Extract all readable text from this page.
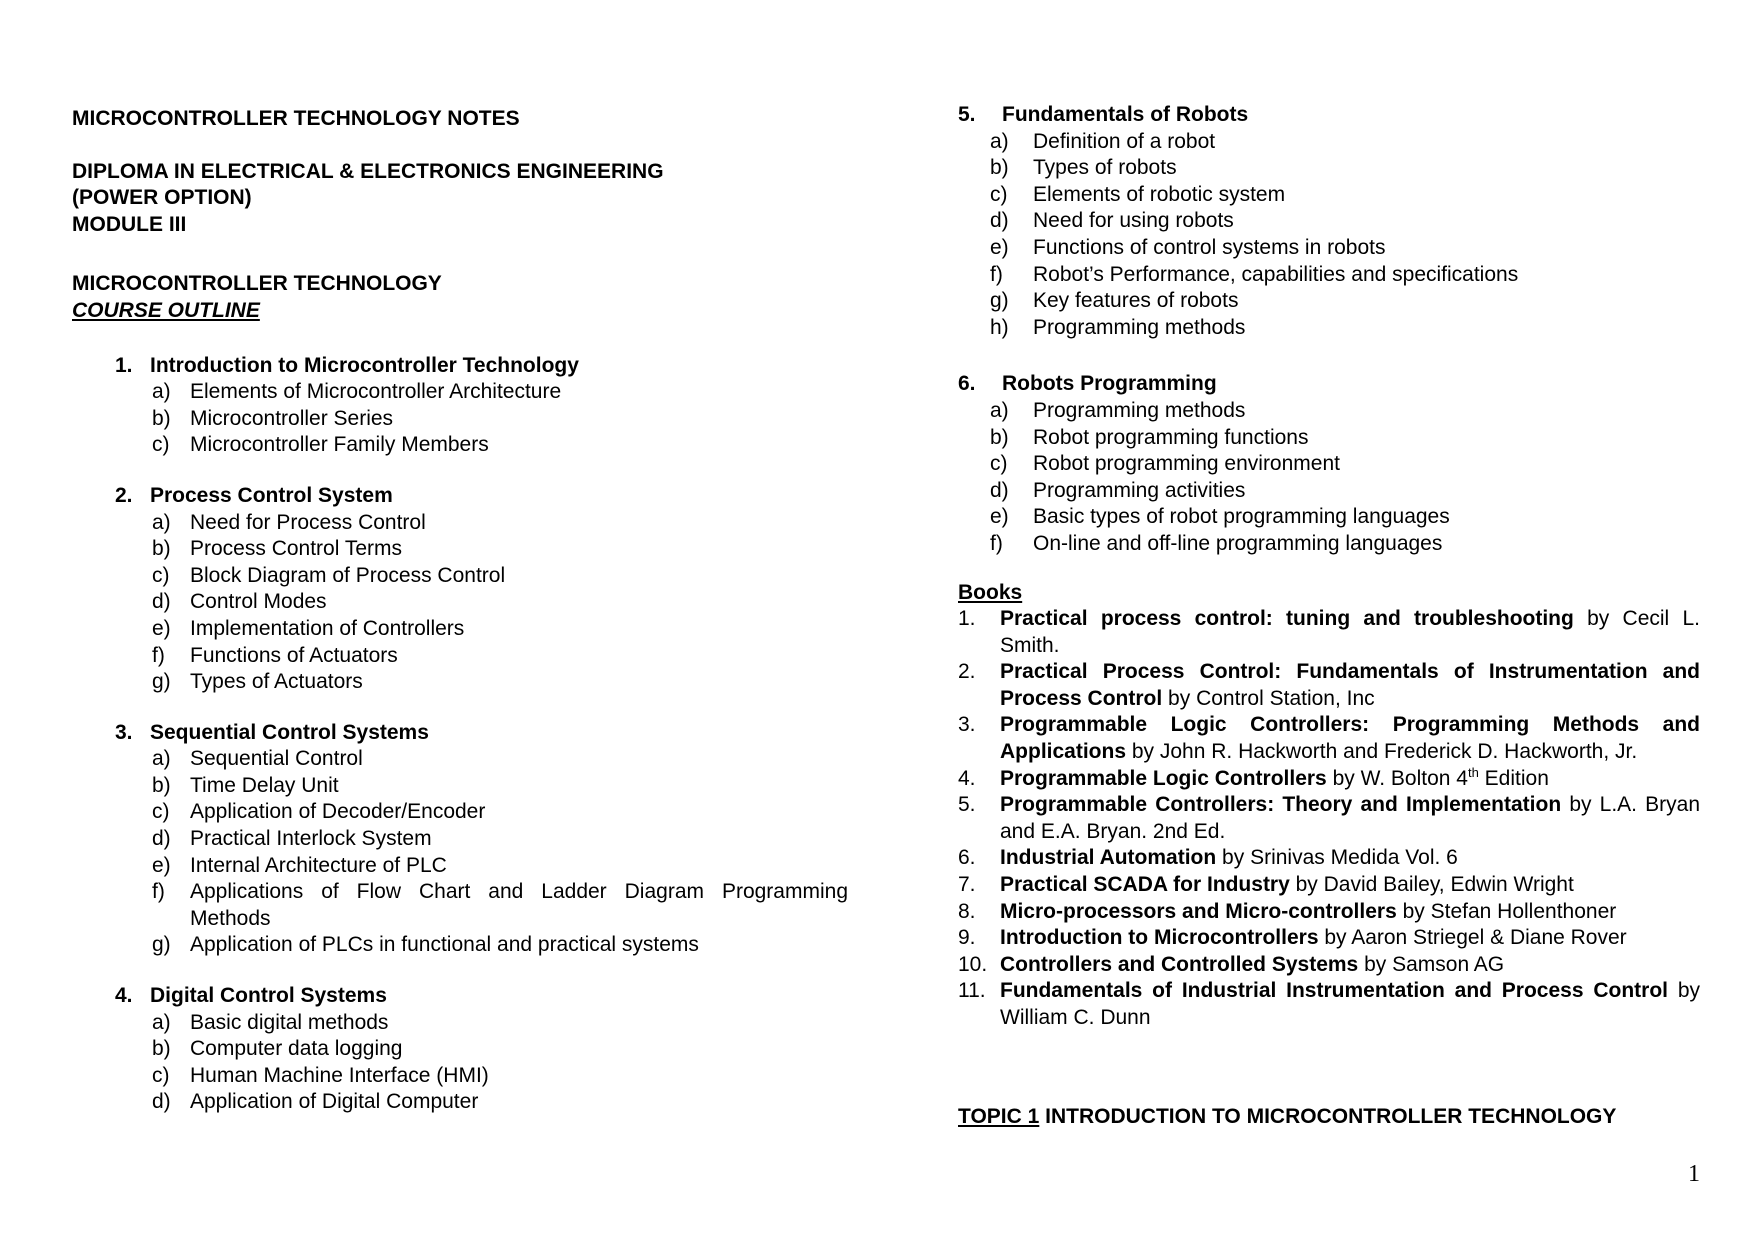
MICROCONTROLLER TECHNOLOGY NOTES
DIPLOMA IN ELECTRICAL & ELECTRONICS ENGINEERING
(POWER OPTION)
MODULE III
MICROCONTROLLER TECHNOLOGY
COURSE OUTLINE
1. Introduction to Microcontroller Technology
a) Elements of Microcontroller Architecture
b) Microcontroller Series
c) Microcontroller Family Members
2. Process Control System
a) Need for Process Control
b) Process Control Terms
c) Block Diagram of Process Control
d) Control Modes
e) Implementation of Controllers
f)	Functions of Actuators
g) Types of Actuators
3. Sequential Control Systems
a) Sequential Control
b) Time Delay Unit
c) Application of Decoder/Encoder
d) Practical Interlock System
e) Internal Architecture of PLC
f)	Applications of Flow Chart and Ladder Diagram Programming Methods
g) Application of PLCs in functional and practical systems
4. Digital Control Systems
a) Basic digital methods
b) Computer data logging
c) Human Machine Interface (HMI)
d) Application of Digital Computer
5.	Fundamentals of Robots
a)	Definition of a robot
b)	Types of robots
c)	Elements of robotic system
d)	Need for using robots
e)	Functions of control systems in robots
f)	Robot’s Performance, capabilities and specifications
g)	Key features of robots
h)	Programming methods
6.	Robots Programming
a)	Programming methods
b)	Robot programming functions
c)	Robot programming environment
d)	Programming activities
e)	Basic types of robot programming languages
f)	On-line and off-line programming languages
Books
1.	Practical process control: tuning and troubleshooting by Cecil L. Smith.
2.	Practical Process Control: Fundamentals of Instrumentation and Process Control by Control Station, Inc
3.	Programmable Logic Controllers: Programming Methods and Applications by John R. Hackworth and Frederick D. Hackworth, Jr.
4.	Programmable Logic Controllers by W. Bolton 4th Edition
5.	Programmable Controllers: Theory and Implementation by L.A. Bryan and E.A. Bryan. 2nd Ed.
6.	Industrial Automation by Srinivas Medida Vol. 6
7.	Practical SCADA for Industry by David Bailey, Edwin Wright
8.	Micro-processors and Micro-controllers by Stefan Hollenthoner
9.	Introduction to Microcontrollers by Aaron Striegel & Diane Rover
10. Controllers and Controlled Systems by Samson AG
11. Fundamentals of Industrial Instrumentation and Process Control by William C. Dunn
TOPIC 1 INTRODUCTION TO MICROCONTROLLER TECHNOLOGY
1
